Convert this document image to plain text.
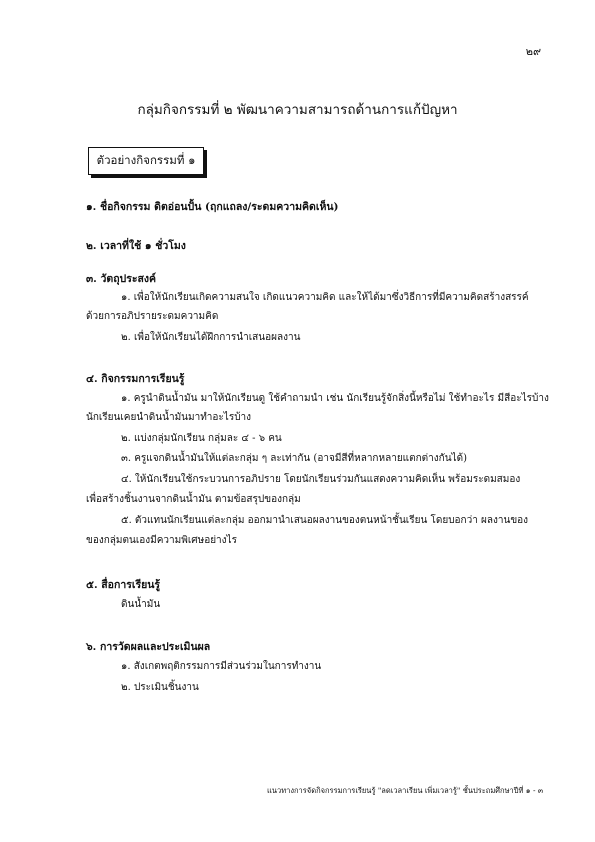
๒๙
กลุ่มกิจกรรมที่ ๒ พัฒนาความสามารถด้านการแก้ปัญหา
ตัวอย่างกิจกรรมที่ ๑
๑. ชื่อกิจกรรม ดิตอ่อนปั้น (ฤกแถลง/ระดมความคิดเห็น)
๒. เวลาที่ใช้ ๑ ชั่วโมง
๓. วัตถุประสงค์
๑. เพื่อให้นักเรียนเกิดความสนใจ เกิดแนวความคิด และให้ได้มาซึ่งวิธีการที่มีความคิดสร้างสรรค์
ด้วยการอภิปรายระดมความคิด
๒. เพื่อให้นักเรียนได้ฝึกการนำเสนอผลงาน
๔. กิจกรรมการเรียนรู้
๑. ครูนำดินน้ำมัน มาให้นักเรียนดู ใช้คำถามนำ เช่น นักเรียนรู้จักสิ่งนี้หรือไม่ ใช้ทำอะไร มีสีอะไรบ้าง
นักเรียนเคยนำดินน้ำมันมาทำอะไรบ้าง
๒. แบ่งกลุ่มนักเรียน กลุ่มละ ๔ - ๖ คน
๓. ครูแจกดินน้ำมันให้แต่ละกลุ่ม ๆ ละเท่ากัน (อาจมีสีที่หลากหลายแตกต่างกันได้)
๔. ให้นักเรียนใช้กระบวนการอภิปราย โดยนักเรียนร่วมกันแสดงความคิดเห็น พร้อมระดมสมอง
เพื่อสร้างชิ้นงานจากดินน้ำมัน ตามข้อสรุปของกลุ่ม
๕. ตัวแทนนักเรียนแต่ละกลุ่ม ออกมานำเสนอผลงานของตนหน้าชั้นเรียน โดยบอกว่า ผลงานของ
ของกลุ่มตนเองมีความพิเศษอย่างไร
๕. สื่อการเรียนรู้
ดินน้ำมัน
๖. การวัดผลและประเมินผล
๑. สังเกตพฤติกรรมการมีส่วนร่วมในการทำงาน
๒. ประเมินชิ้นงาน
แนวทางการจัดกิจกรรมการเรียนรู้ "ลดเวลาเรียน เพิ่มเวลารู้" ชั้นประถมศึกษาปีที่ ๑ - ๓
